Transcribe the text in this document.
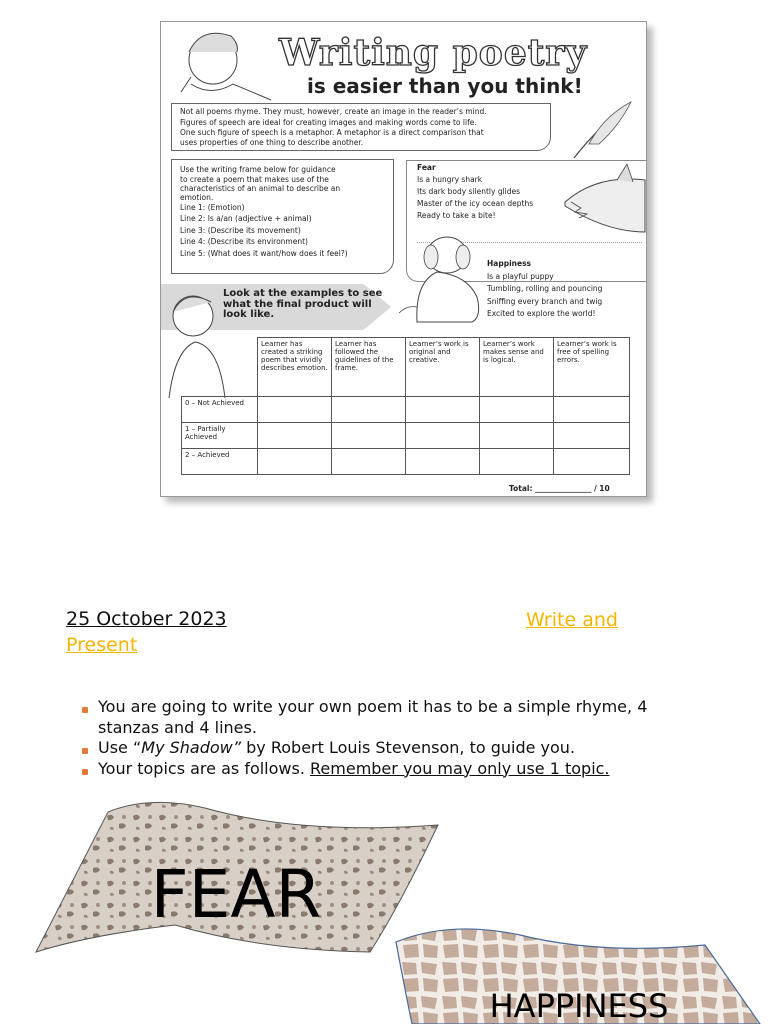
Writing poetry
is easier than you think!

Not all poems rhyme. They must, however, create an image in the reader’s mind.

Figures of speech are ideal for creating images and making words come to life.

One such figure of speech is a metaphor. A metaphor is a direct comparison that

uses properties of one thing to describe another.

Use the writing frame below for guidance
to create a poem that makes use of the
characteristics of an animal to describe an
emotion.
Line 1: (Emotion)
Line 2: Is a/an (adjective + animal)
Line 3: (Describe its movement)
Line 4: (Describe its environment)
Line 5: (What does it want/how does it feel?)
Fear
Is a hungry shark
Its dark body silently glides
Master of the icy ocean depths
Ready to take a bite!
Happiness
Is a playful puppy
Tumbling, rolling and pouncing
Sniffing every branch and twig
Excited to explore the world!
Look at the examples to see what the final product will look like.
	Learner has created a striking poem that vividly describes emotion.	Learner has followed the guidelines of the frame.	Learner’s work is original and creative.	Learner’s work makes sense and is logical.	Learner’s work is free of spelling errors.
0 – Not Achieved					
1 – Partially Achieved					
2 – Achieved					
Total: _______________ / 10
Write and Present
25 October 2023
You are going to write your own poem it has to be a simple rhyme, 4 stanzas and 4 lines.
Use “My Shadow” by Robert Louis Stevenson, to guide you.
Your topics are as follows. Remember you may only use 1 topic.
FEAR
HAPPINESS
